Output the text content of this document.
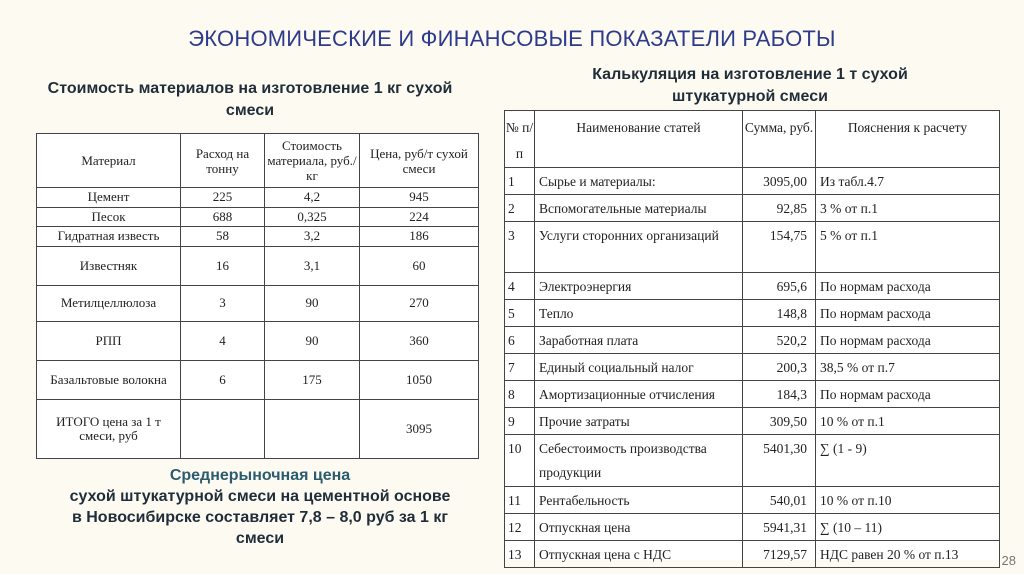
ЭКОНОМИЧЕСКИЕ И ФИНАНСОВЫЕ ПОКАЗАТЕЛИ РАБОТЫ
Стоимость материалов на изготовление 1 кг сухой смеси
Калькуляция на изготовление 1 т сухой штукатурной смеси
Материал	Расход на тонну	Стоимость материала, руб./кг	Цена, руб/т сухой смеси
Цемент	225	4,2	945
Песок	688	0,325	224
Гидратная известь	58	3,2	186
Известняк	16	3,1	60
Метилцеллюлоза	3	90	270
РПП	4	90	360
Базальтовые волокна	6	175	1050
ИТОГО цена за 1 т смеси, руб			3095
№ п/п	Наименование статей	Сумма, руб.	Пояснения к расчету
1	Сырье и материалы:	3095,00	Из табл.4.7
2	Вспомогательные материалы	92,85	3 % от п.1
3	Услуги сторонних организаций	154,75	5 % от п.1
4	Электроэнергия	695,6	По нормам расхода
5	Тепло	148,8	По нормам расхода
6	Заработная плата	520,2	По нормам расхода
7	Единый социальный налог	200,3	38,5 % от п.7
8	Амортизационные отчисления	184,3	По нормам расхода
9	Прочие затраты	309,50	10 % от п.1
10	Себестоимость производства продукции	5401,30	∑ (1 - 9)
11	Рентабельность	540,01	10 % от п.10
12	Отпускная цена	5941,31	∑ (10 – 11)
13	Отпускная цена с НДС	7129,57	НДС равен 20 % от п.13
Среднерыночная цена
сухой штукатурной смеси на цементной основе
в Новосибирске составляет 7,8 – 8,0 руб за 1 кг
смеси
28
